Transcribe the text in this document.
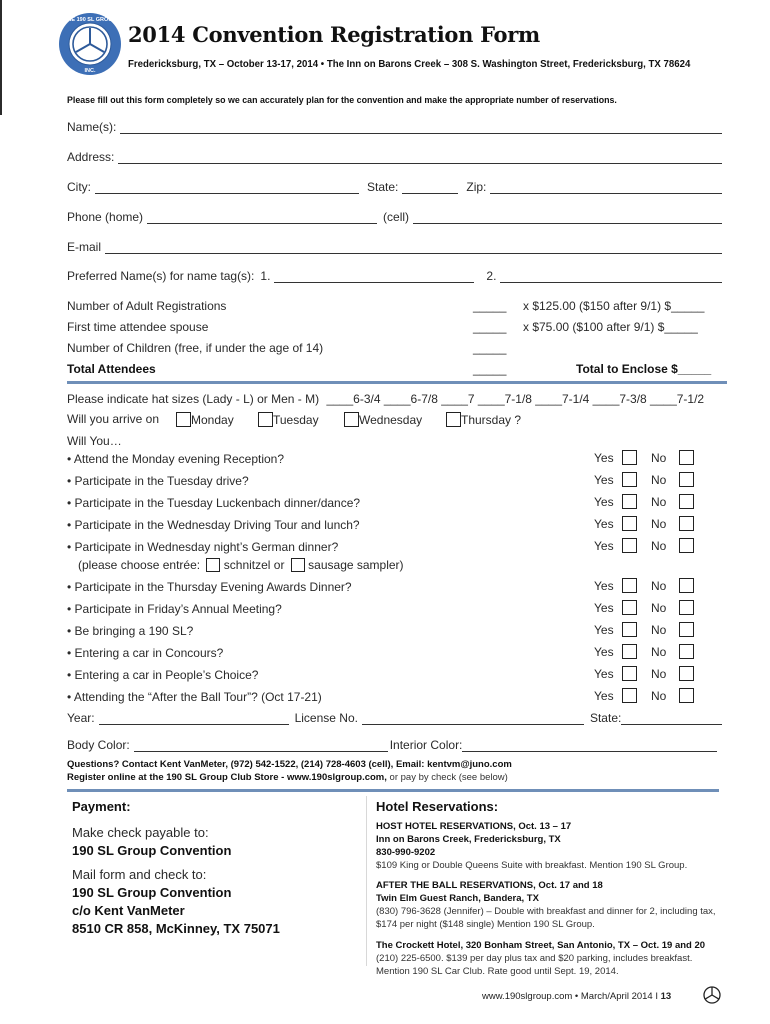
THE 190 SL GROUP
INC.
2014 Convention Registration Form
Fredericksburg, TX – October 13-17, 2014 • The Inn on Barons Creek – 308 S. Washington Street, Fredericksburg, TX 78624
Please fill out this form completely so we can accurately plan for the convention and make the appropriate number of reservations.
Name(s):
Address:
City:	State:	Zip:
Phone (home)	(cell)
E-mail
Preferred Name(s) for name tag(s): 1.	2.
Number of Adult Registrations	_____ x $125.00 ($150 after 9/1) $_____
First time attendee spouse	_____ x $75.00 ($100 after 9/1) $_____
Number of Children (free, if under the age of 14)	_____
Total Attendees	_____	Total to Enclose $_____
Please indicate hat sizes (Lady - L) or Men - M) ____6-3/4 ____6-7/8 ____7 ____7-1/8 ____7-1/4 ____7-3/8 ____7-1/2
Will you arrive on	Monday	Tuesday	Wednesday	Thursday ?
Will You…
• Attend the Monday evening Reception?	Yes	No
• Participate in the Tuesday drive?	Yes	No
• Participate in the Tuesday Luckenbach dinner/dance?	Yes	No
• Participate in the Wednesday Driving Tour and lunch?	Yes	No
• Participate in Wednesday night’s German dinner?	Yes	No
(please choose entrée: schnitzel or sausage sampler)
• Participate in the Thursday Evening Awards Dinner?	Yes	No
• Participate in Friday’s Annual Meeting?	Yes	No
• Be bringing a 190 SL?	Yes	No
• Entering a car in Concours?	Yes	No
• Entering a car in People’s Choice?	Yes	No
• Attending the “After the Ball Tour”? (Oct 17-21)	Yes	No
Year:	License No.	State:
Body Color:	Interior Color:
Questions? Contact Kent VanMeter, (972) 542-1522, (214) 728-4603 (cell), Email: kentvm@juno.com
Register online at the 190 SL Group Club Store - www.190slgroup.com, or pay by check (see below)
Payment:
Make check payable to:
190 SL Group Convention
Mail form and check to:
190 SL Group Convention
c/o Kent VanMeter
8510 CR 858, McKinney, TX 75071
Hotel Reservations:
HOST HOTEL RESERVATIONS, Oct. 13 – 17
Inn on Barons Creek, Fredericksburg, TX
830-990-9202
$109 King or Double Queens Suite with breakfast. Mention 190 SL Group.
AFTER THE BALL RESERVATIONS, Oct. 17 and 18
Twin Elm Guest Ranch, Bandera, TX
(830) 796-3628 (Jennifer) – Double with breakfast and dinner for 2, including tax,
$174 per night ($148 single) Mention 190 SL Group.
The Crockett Hotel, 320 Bonham Street, San Antonio, TX – Oct. 19 and 20
(210) 225-6500. $139 per day plus tax and $20 parking, includes breakfast.
Mention 190 SL Car Club. Rate good until Sept. 19, 2014.
www.190slgroup.com • March/April 2014 I 13
